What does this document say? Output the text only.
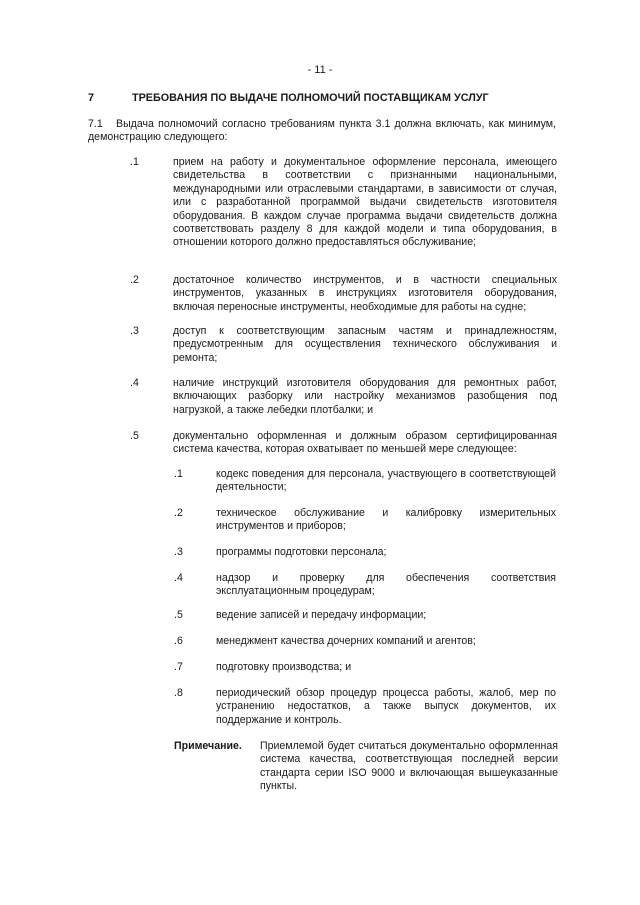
- 11 -
7	ТРЕБОВАНИЯ ПО ВЫДАЧЕ ПОЛНОМОЧИЙ ПОСТАВЩИКАМ УСЛУГ
7.1 Выдача полномочий согласно требованиям пункта 3.1 должна включать, как минимум, демонстрацию следующего:
.1	прием на работу и документальное оформление персонала, имеющего свидетельства в соответствии с признанными национальными, международными или отраслевыми стандартами, в зависимости от случая, или с разработанной программой выдачи свидетельств изготовителя оборудования. В каждом случае программа выдачи свидетельств должна соответствовать разделу 8 для каждой модели и типа оборудования, в отношении которого должно предоставляться обслуживание;
.2	достаточное количество инструментов, и в частности специальных инструментов, указанных в инструкциях изготовителя оборудования, включая переносные инструменты, необходимые для работы на судне;
.3	доступ к соответствующим запасным частям и принадлежностям, предусмотренным для осуществления технического обслуживания и ремонта;
.4	наличие инструкций изготовителя оборудования для ремонтных работ, включающих разборку или настройку механизмов разобщения под нагрузкой, а также лебедки плотбалки; и
.5	документально оформленная и должным образом сертифицированная система качества, которая охватывает по меньшей мере следующее:
.1	кодекс поведения для персонала, участвующего в соответствующей деятельности;
.2	техническое обслуживание и калибровку измерительных инструментов и приборов;
.3	программы подготовки персонала;
.4	надзор и проверку для обеспечения соответствия эксплуатационным процедурам;
.5	ведение записей и передачу информации;
.6	менеджмент качества дочерних компаний и агентов;
.7	подготовку производства; и
.8	периодический обзор процедур процесса работы, жалоб, мер по устранению недостатков, а также выпуск документов, их поддержание и контроль.
Примечание. Приемлемой будет считаться документально оформленная система качества, соответствующая последней версии стандарта серии ISO 9000 и включающая вышеуказанные пункты.
